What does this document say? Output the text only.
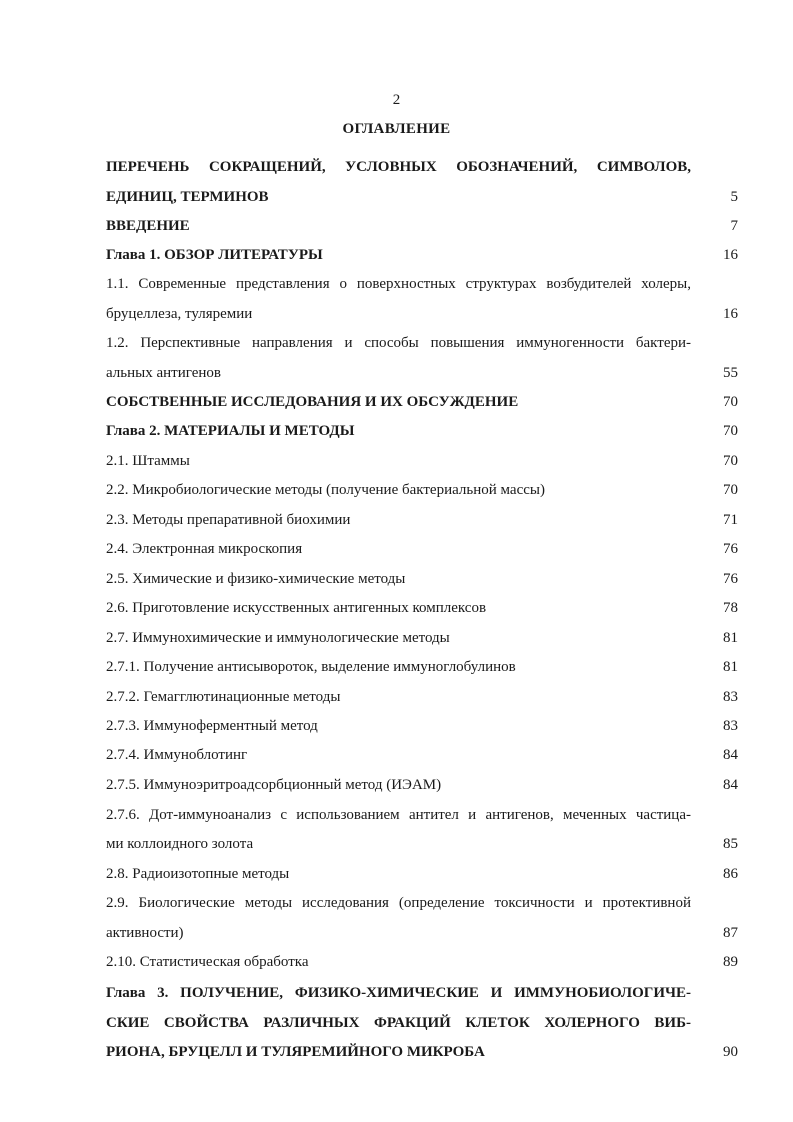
2
ОГЛАВЛЕНИЕ
ПЕРЕЧЕНЬ СОКРАЩЕНИЙ, УСЛОВНЫХ ОБОЗНАЧЕНИЙ, СИМВОЛОВ,
ЕДИНИЦ, ТЕРМИНОВ	5
ВВЕДЕНИЕ	7
Глава 1. ОБЗОР ЛИТЕРАТУРЫ	16
1.1. Современные представления о поверхностных структурах возбудителей холеры,
бруцеллеза, туляремии	16
1.2. Перспективные направления и способы повышения иммуногенности бактери-
альных антигенов	55
СОБСТВЕННЫЕ ИССЛЕДОВАНИЯ И ИХ ОБСУЖДЕНИЕ	70
Глава 2. МАТЕРИАЛЫ И МЕТОДЫ	70
2.1. Штаммы	70
2.2. Микробиологические методы (получение бактериальной массы)	70
2.3. Методы препаративной биохимии	71
2.4. Электронная микроскопия	76
2.5. Химические и физико-химические методы	76
2.6. Приготовление искусственных антигенных комплексов	78
2.7. Иммунохимические и иммунологические методы	81
2.7.1. Получение антисывороток, выделение иммуноглобулинов	81
2.7.2. Гемагглютинационные методы	83
2.7.3. Иммуноферментный метод	83
2.7.4. Иммуноблотинг	84
2.7.5. Иммуноэритроадсорбционный метод (ИЭАМ)	84
2.7.6. Дот-иммуноанализ с использованием антител и антигенов, меченных частица-
ми коллоидного золота	85
2.8. Радиоизотопные методы	86
2.9. Биологические методы исследования (определение токсичности и протективной
активности)	87
2.10. Статистическая обработка	89
Глава 3. ПОЛУЧЕНИЕ, ФИЗИКО-ХИМИЧЕСКИЕ И ИММУНОБИОЛОГИЧЕ-
СКИЕ СВОЙСТВА РАЗЛИЧНЫХ ФРАКЦИЙ КЛЕТОК ХОЛЕРНОГО ВИБ-
РИОНА, БРУЦЕЛЛ И ТУЛЯРЕМИЙНОГО МИКРОБА	90
